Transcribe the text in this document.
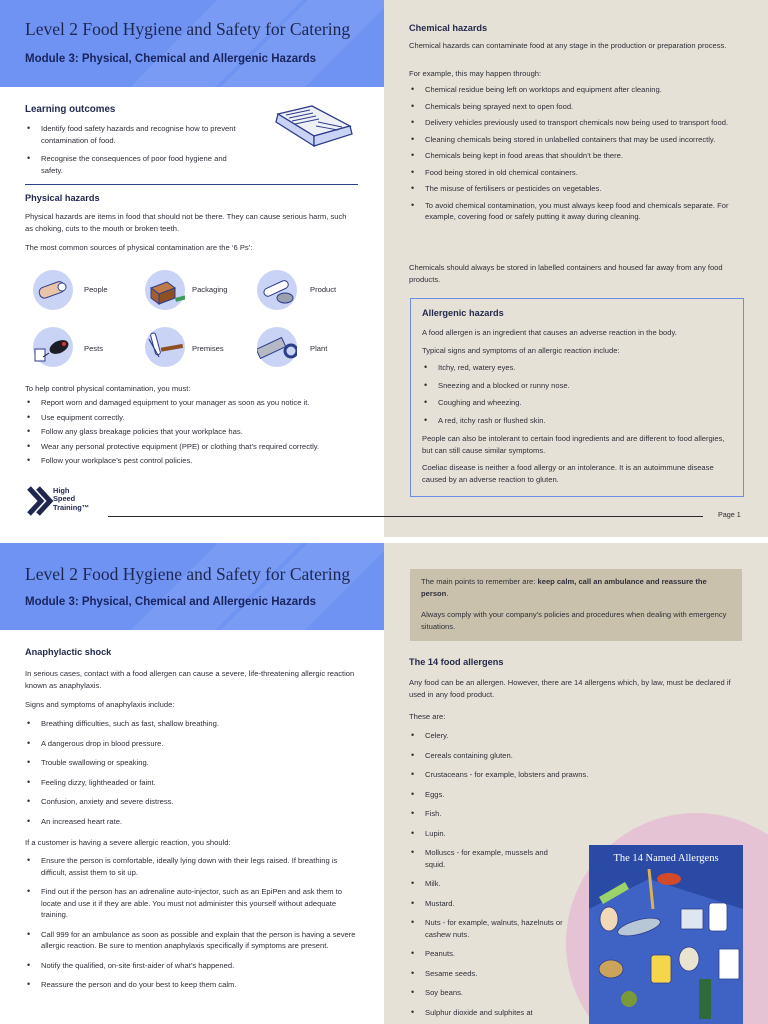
Level 2 Food Hygiene and Safety for Catering
Module 3: Physical, Chemical and Allergenic Hazards
Learning outcomes
• Identify food safety hazards and recognise how to prevent contamination of food.
• Recognise the consequences of poor food hygiene and safety.
Physical hazards
Physical hazards are items in food that should not be there. They can cause serious harm, such as choking, cuts to the mouth or broken teeth.
The most common sources of physical contamination are the ‘6 Ps’:
People	Packaging	Product
Pests	Premises	Plant
To help control physical contamination, you must:
• Report worn and damaged equipment to your manager as soon as you notice it.
• Use equipment correctly.
• Follow any glass breakage policies that your workplace has.
• Wear any personal protective equipment (PPE) or clothing that’s required correctly.
• Follow your workplace’s pest control policies.
High
Speed
Training™
Chemical hazards
Chemical hazards can contaminate food at any stage in the production or preparation process.
For example, this may happen through:
• Chemical residue being left on worktops and equipment after cleaning.
• Chemicals being sprayed next to open food.
• Delivery vehicles previously used to transport chemicals now being used to transport food.
• Cleaning chemicals being stored in unlabelled containers that may be used incorrectly.
• Chemicals being kept in food areas that shouldn’t be there.
• Food being stored in old chemical containers.
• The misuse of fertilisers or pesticides on vegetables.
• To avoid chemical contamination, you must always keep food and chemicals separate. For example, covering food or safely putting it away during cleaning.
Chemicals should always be stored in labelled containers and housed far away from any food products.
Allergenic hazards
A food allergen is an ingredient that causes an adverse reaction in the body.
Typical signs and symptoms of an allergic reaction include:
• Itchy, red, watery eyes.
• Sneezing and a blocked or runny nose.
• Coughing and wheezing.
• A red, itchy rash or flushed skin.
People can also be intolerant to certain food ingredients and are different to food allergies, but can still cause similar symptoms.
Coeliac disease is neither a food allergy or an intolerance. It is an autoimmune disease caused by an adverse reaction to gluten.
Page 1
Level 2 Food Hygiene and Safety for Catering
Module 3: Physical, Chemical and Allergenic Hazards
Anaphylactic shock
In serious cases, contact with a food allergen can cause a severe, life-threatening allergic reaction known as anaphylaxis.
Signs and symptoms of anaphylaxis include:
• Breathing difficulties, such as fast, shallow breathing.
• A dangerous drop in blood pressure.
• Trouble swallowing or speaking.
• Feeling dizzy, lightheaded or faint.
• Confusion, anxiety and severe distress.
• An increased heart rate.
If a customer is having a severe allergic reaction, you should:
• Ensure the person is comfortable, ideally lying down with their legs raised. If breathing is difficult, assist them to sit up.
• Find out if the person has an adrenaline auto-injector, such as an EpiPen and ask them to locate and use it if they are able. You must not administer this yourself without adequate training.
• Call 999 for an ambulance as soon as possible and explain that the person is having a severe allergic reaction. Be sure to mention anaphylaxis specifically if symptoms are present.
• Notify the qualified, on-site first-aider of what’s happened.
• Reassure the person and do your best to keep them calm.
The 14 food allergens
Any food can be an allergen. However, there are 14 allergens which, by law, must be declared if used in any food product.
These are:
• Celery.
• Cereals containing gluten.
• Crustaceans - for example, lobsters and prawns.
• Eggs.
• Fish.
• Lupin.
• Molluscs - for example, mussels and squid.
• Milk.
• Mustard.
• Nuts - for example, walnuts, hazelnuts or cashew nuts.
• Peanuts.
• Sesame seeds.
• Soy beans.
• Sulphur dioxide and sulphites at
The main points to remember are: keep calm, call an ambulance and reassure the person.
Always comply with your company’s policies and procedures when dealing with emergency situations.
The 14 Named Allergens
